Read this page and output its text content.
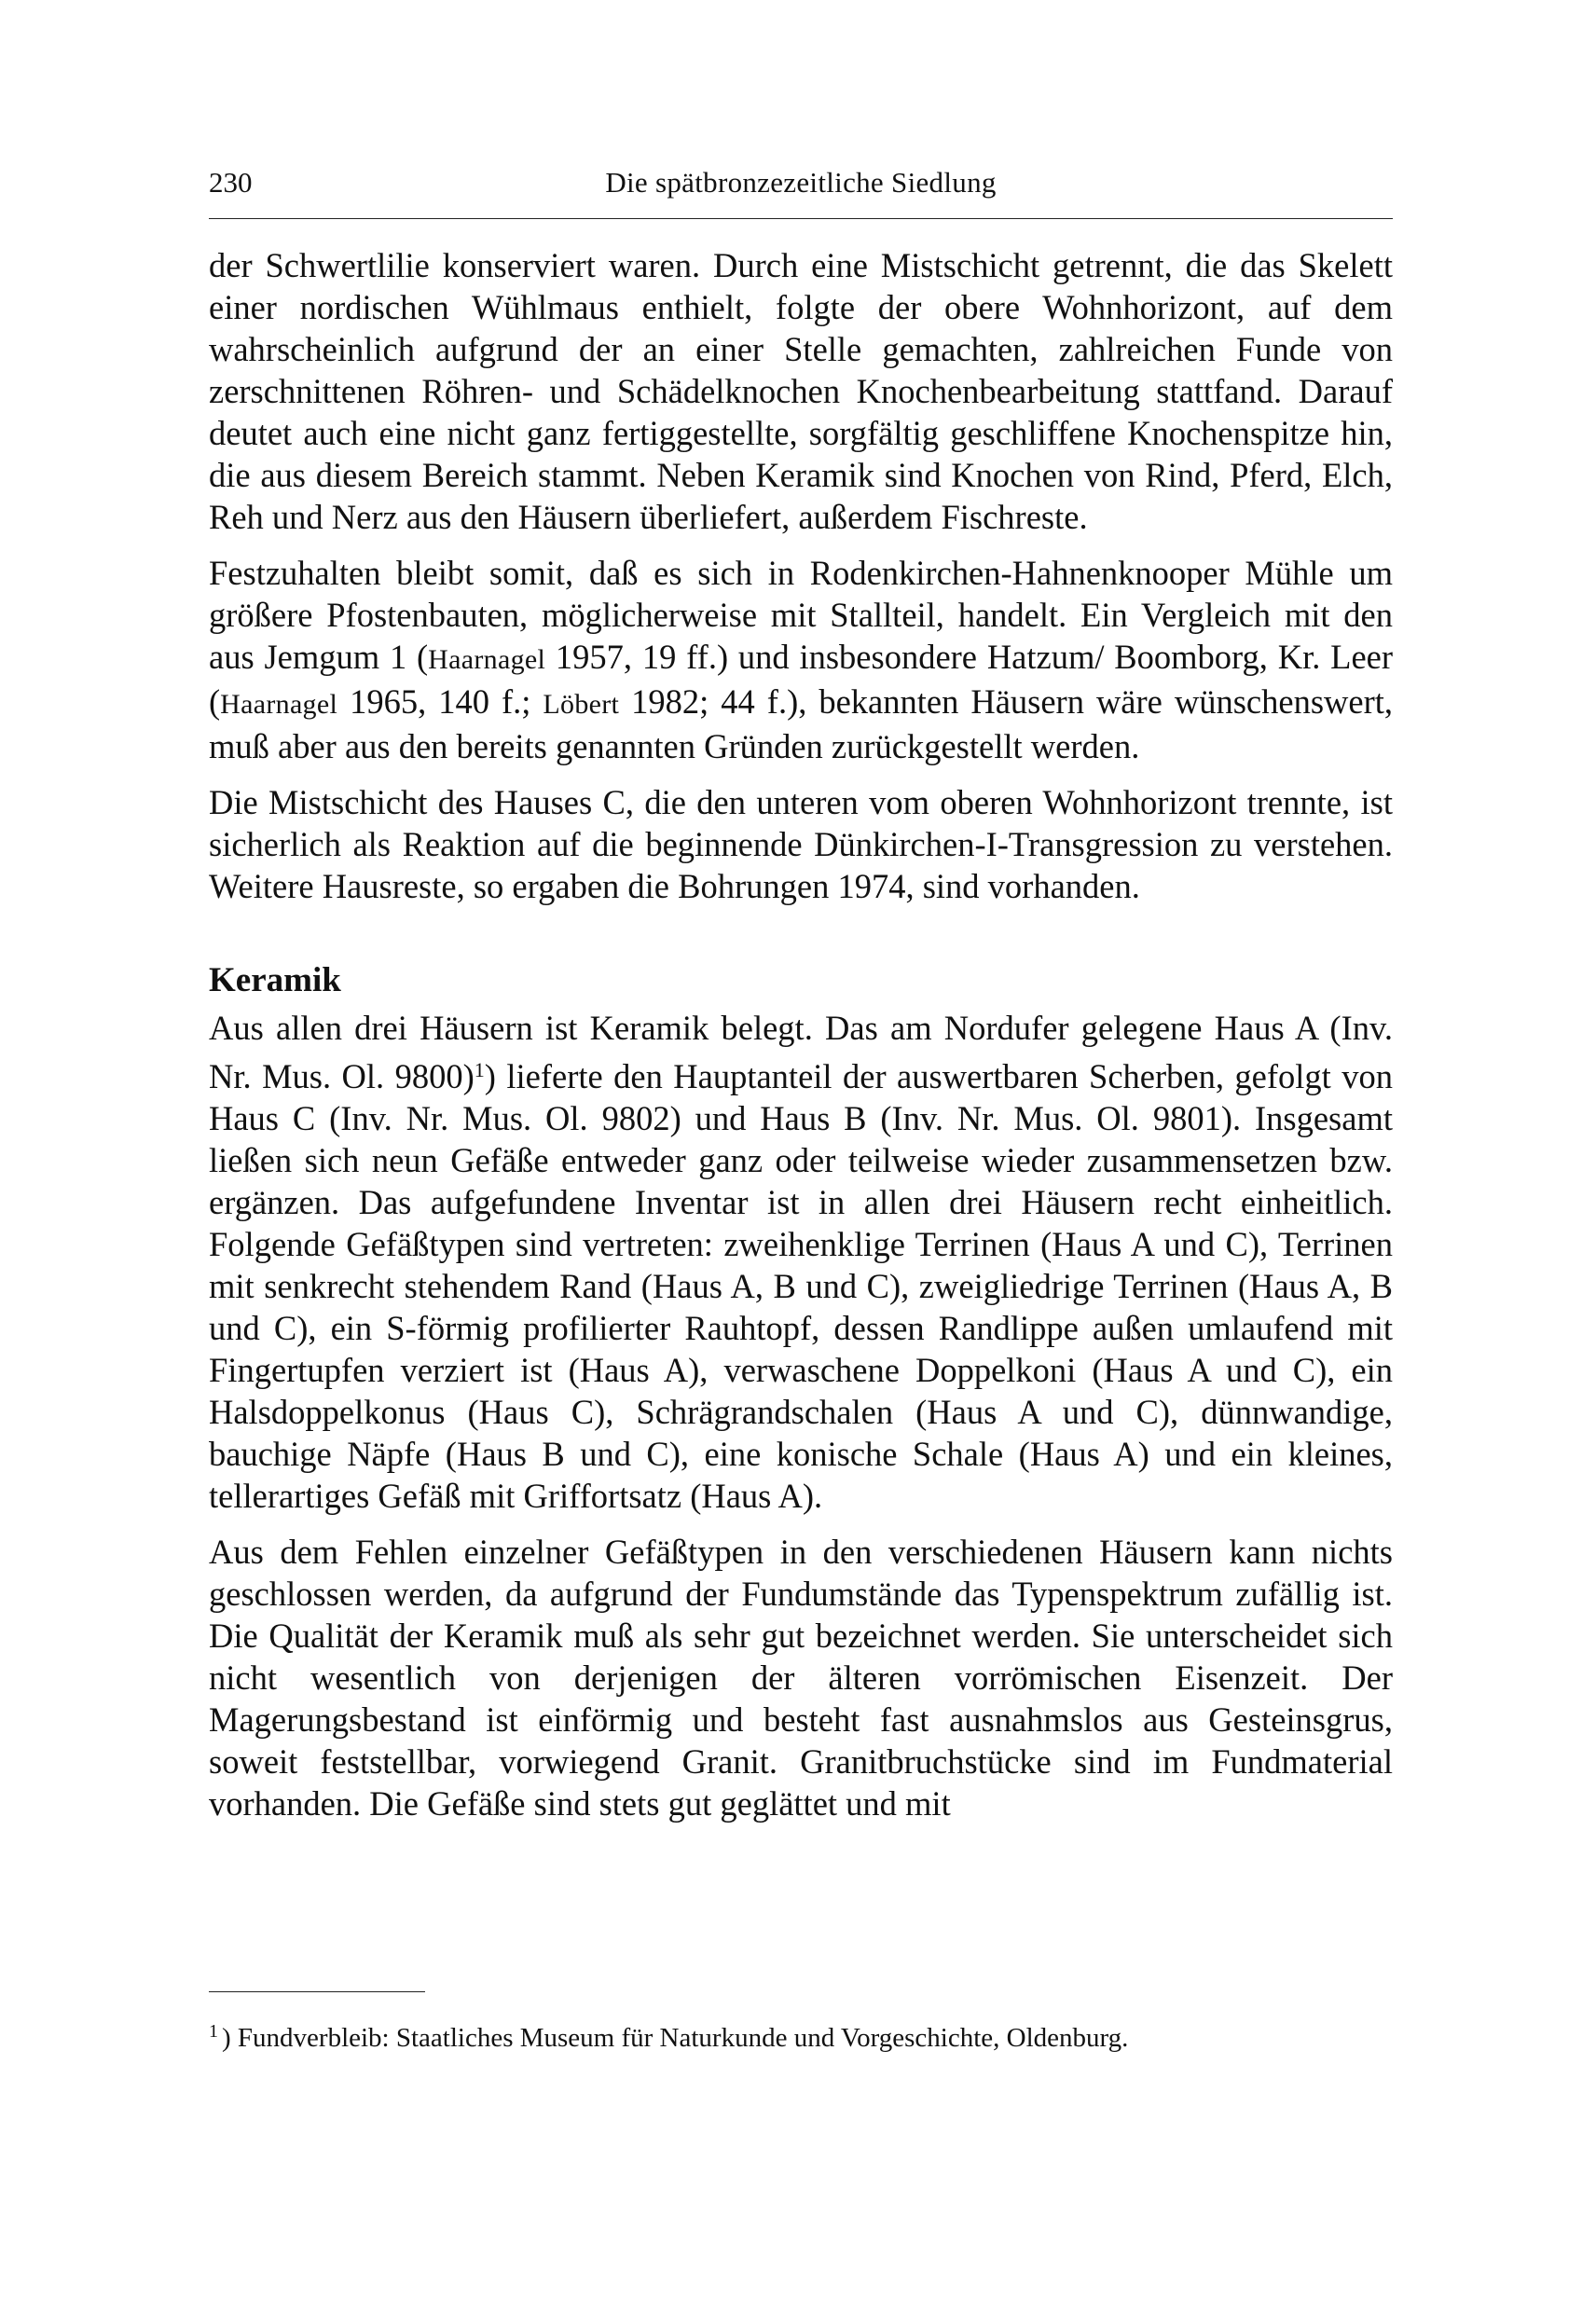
230	Die spätbronzezeitliche Siedlung

der Schwertlilie konserviert waren. Durch eine Mistschicht getrennt, die das Skelett einer nordischen Wühlmaus enthielt, folgte der obere Wohnhorizont, auf dem wahrscheinlich aufgrund der an einer Stelle gemachten, zahlreichen Funde von zerschnittenen Röhren- und Schädelknochen Knochenbearbeitung stattfand. Darauf deutet auch eine nicht ganz fertiggestellte, sorgfältig geschliffene Knochenspitze hin, die aus diesem Bereich stammt. Neben Keramik sind Knochen von Rind, Pferd, Elch, Reh und Nerz aus den Häusern überliefert, außerdem Fischreste.

Festzuhalten bleibt somit, daß es sich in Rodenkirchen-Hahnenknooper Mühle um größere Pfostenbauten, möglicherweise mit Stallteil, handelt. Ein Vergleich mit den aus Jemgum 1 (Haarnagel 1957, 19 ff.) und insbesondere Hatzum/ Boomborg, Kr. Leer (Haarnagel 1965, 140 f.; Löbert 1982; 44 f.), bekannten Häusern wäre wünschenswert, muß aber aus den bereits genannten Gründen zurückgestellt werden.

Die Mistschicht des Hauses C, die den unteren vom oberen Wohnhorizont trennte, ist sicherlich als Reaktion auf die beginnende Dünkirchen-I-Transgression zu verstehen. Weitere Hausreste, so ergaben die Bohrungen 1974, sind vorhanden.

Keramik

Aus allen drei Häusern ist Keramik belegt. Das am Nordufer gelegene Haus A (Inv. Nr. Mus. Ol. 9800)$^1$) lieferte den Hauptanteil der auswertbaren Scherben, gefolgt von Haus C (Inv. Nr. Mus. Ol. 9802) und Haus B (Inv. Nr. Mus. Ol. 9801). Insgesamt ließen sich neun Gefäße entweder ganz oder teilweise wieder zusammensetzen bzw. ergänzen. Das aufgefundene Inventar ist in allen drei Häusern recht einheitlich. Folgende Gefäßtypen sind vertreten: zweihenklige Terrinen (Haus A und C), Terrinen mit senkrecht stehendem Rand (Haus A, B und C), zweigliedrige Terrinen (Haus A, B und C), ein S-förmig profilierter Rauhtopf, dessen Randlippe außen umlaufend mit Fingertupfen verziert ist (Haus A), verwaschene Doppelkoni (Haus A und C), ein Halsdoppelkonus (Haus C), Schrägrandschalen (Haus A und C), dünnwandige, bauchige Näpfe (Haus B und C), eine konische Schale (Haus A) und ein kleines, tellerartiges Gefäß mit Griffortsatz (Haus A).

Aus dem Fehlen einzelner Gefäßtypen in den verschiedenen Häusern kann nichts geschlossen werden, da aufgrund der Fundumstände das Typenspektrum zufällig ist. Die Qualität der Keramik muß als sehr gut bezeichnet werden. Sie unterscheidet sich nicht wesentlich von derjenigen der älteren vorrömischen Eisenzeit. Der Magerungsbestand ist einförmig und besteht fast ausnahmslos aus Gesteinsgrus, soweit feststellbar, vorwiegend Granit. Granitbruchstücke sind im Fundmaterial vorhanden. Die Gefäße sind stets gut geglättet und mit

$^1$ ) Fundverbleib: Staatliches Museum für Naturkunde und Vorgeschichte, Oldenburg.
